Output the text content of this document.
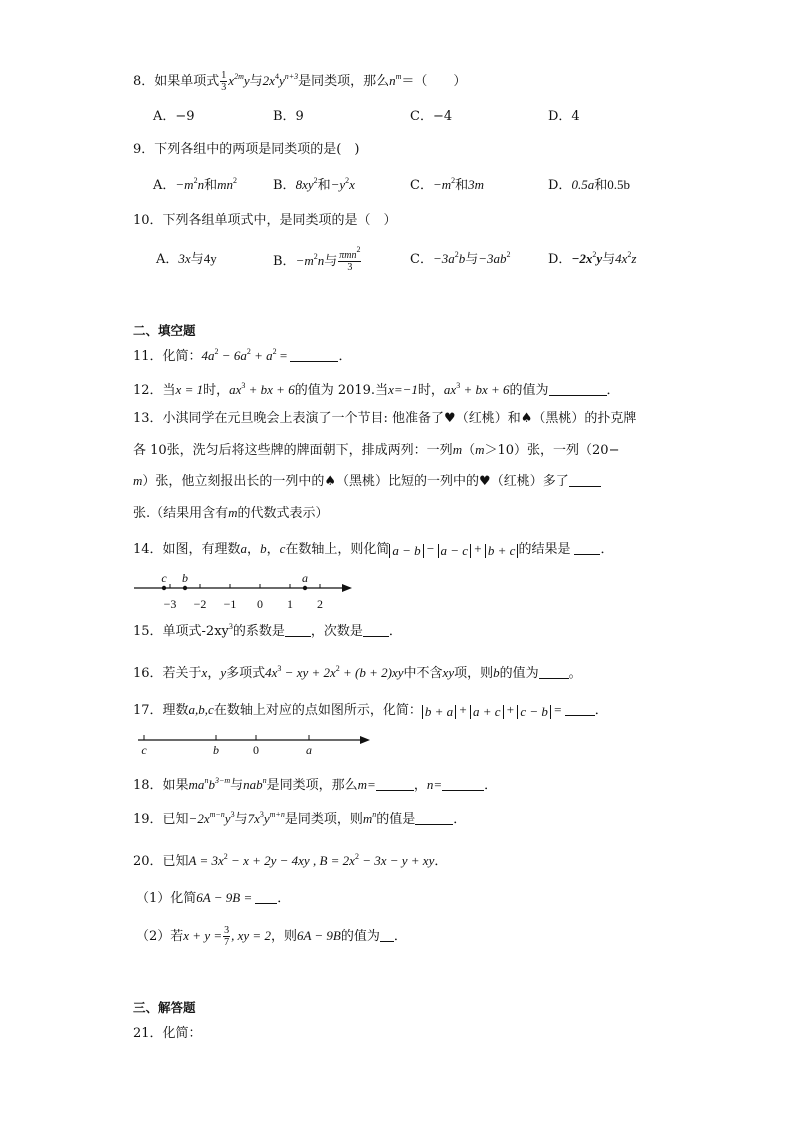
8．如果单项式 $\frac{1}{3} x^{2m}y$与$2x^4y^{n+3}$是同类项，那么$n^m=$（　　）
A．−9	B．9	C．−4	D．4
9．下列各组中的两项是同类项的是(　)
A．$-m^2n$和$mn^2$	B．$8xy^2$和$-y^2x$	C．$-m^2$和3m	D．0.5a和0.5b
10．下列各组单项式中，是同类项的是（　）
A．3x与4y	B．$-m^2n$与 $\frac{\pi mn^2}{3}$	C．$-3a^2b$与$-3ab^2$	D．$-2x^2y$与$4x^2z$
二、填空题
11．化简：$4a^2 - 6a^2 + a^2$ =	．
12．当x = 1时，$ax^3$ + bx + 6的值为 2019.当x=−1时，$ax^3$ + bx + 6的值为	．
13．小淇同学在元旦晚会上表演了一个节目: 他准备了♥（红桃）和♠（黑桃）的扑克牌
各 10张，洗匀后将这些牌的牌面朝下，排成两列：一列m（m＞10）张，一列（20−
m）张，他立刻报出长的一列中的♠（黑桃）比短的一列中的♥（红桃）多了
张.（结果用含有m的代数式表示）
14．如图，有理数a，b，c在数轴上，则化简 a − b − a − c + b + c 的结果是 ．
−3 −2 −1 0 1 2
c b	a
15．单项式$-2xy^3$的系数是 ，次数是 ．
16．若关于x，y多项式$4x^3$ − xy + $2x^2 + (b + 2)xy$中不含xy项，则b的值为 。
17．理数a,b,c在数轴上对应的点如图所示，化简： b + a + a + c + c − b = ．
c	b	0	a
18．如果$ma^nb^{3-m}$与nab$^n$是同类项，那么m=	，n=	．
19．已知$-2x^{m-n}y^3$与$7x^3y^{m+n}$是同类项，则$m^n$的值是	．
20．已知$A = 3x^2 - x + 2y - 4xy$ , $B = 2x^2 - 3x - y$ + xy．
（1）化简6A − 9B = ．
（2）若$x + y = \frac{3}{7}$ , xy = 2，则6A − 9B的值为 ．
三、解答题
21．化简：
